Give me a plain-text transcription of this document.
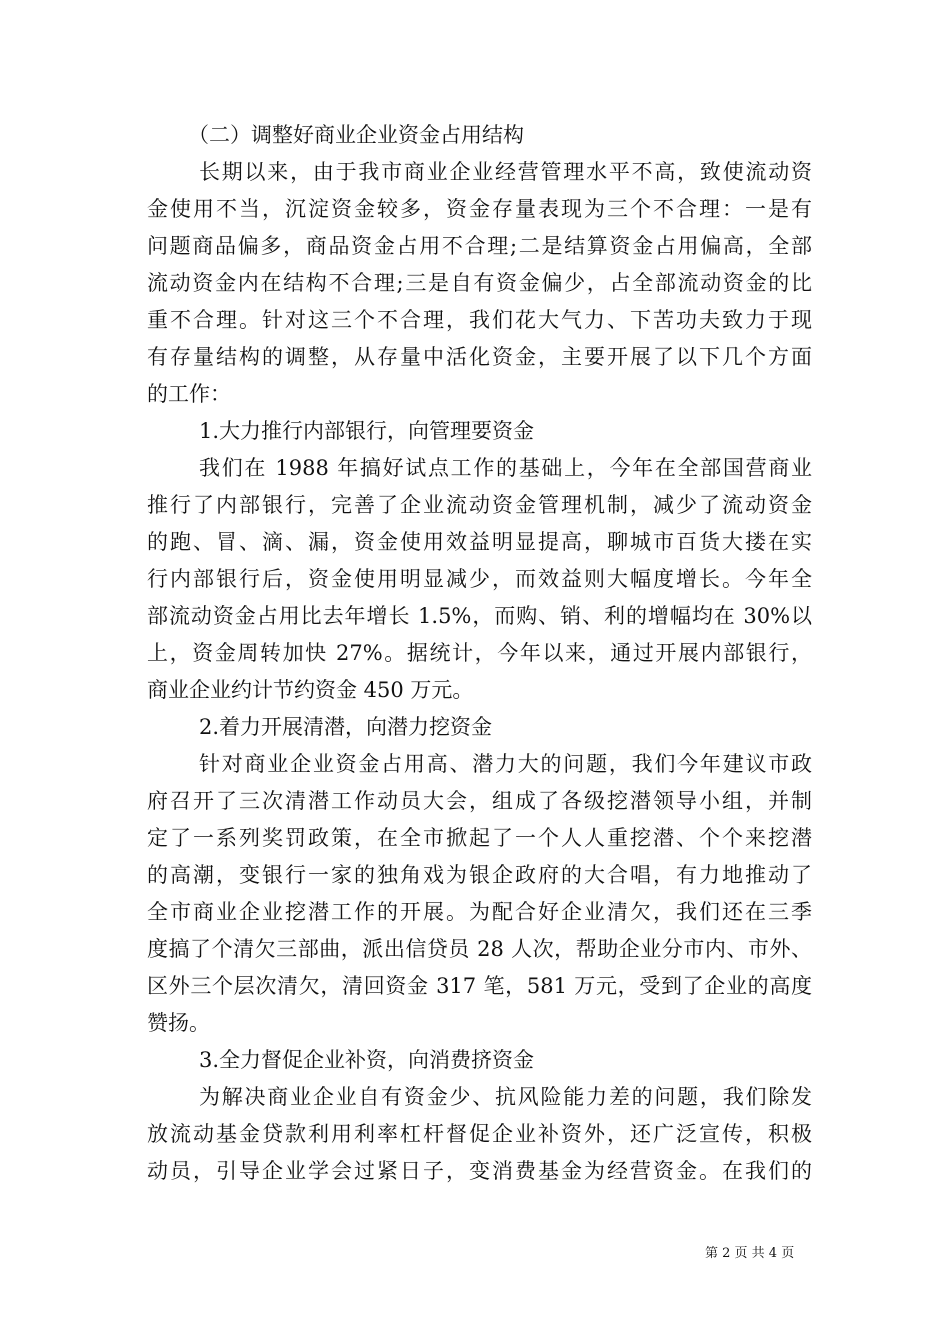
（二）调整好商业企业资金占用结构
长期以来，由于我市商业企业经营管理水平不高，致使流动资
金使用不当，沉淀资金较多，资金存量表现为三个不合理：一是有
问题商品偏多，商品资金占用不合理;二是结算资金占用偏高，全部
流动资金内在结构不合理;三是自有资金偏少，占全部流动资金的比
重不合理。针对这三个不合理，我们花大气力、下苦功夫致力于现
有存量结构的调整，从存量中活化资金，主要开展了以下几个方面
的工作：
1.大力推行内部银行，向管理要资金
我们在 1988 年搞好试点工作的基础上，今年在全部国营商业
推行了内部银行，完善了企业流动资金管理机制，减少了流动资金
的跑、冒、滴、漏，资金使用效益明显提高，聊城市百货大搂在实
行内部银行后，资金使用明显减少，而效益则大幅度增长。今年全
部流动资金占用比去年增长 1.5%，而购、销、利的增幅均在 30%以
上，资金周转加快 27%。据统计，今年以来，通过开展内部银行，
商业企业约计节约资金 450 万元。
2.着力开展清潜，向潜力挖资金
针对商业企业资金占用高、潜力大的问题，我们今年建议市政
府召开了三次清潜工作动员大会，组成了各级挖潜领导小组，并制
定了一系列奖罚政策，在全市掀起了一个人人重挖潜、个个来挖潜
的高潮，变银行一家的独角戏为银企政府的大合唱，有力地推动了
全市商业企业挖潜工作的开展。为配合好企业清欠，我们还在三季
度搞了个清欠三部曲，派出信贷员 28 人次，帮助企业分市内、市外、
区外三个层次清欠，清回资金 317 笔，581 万元，受到了企业的高度
赞扬。
3.全力督促企业补资，向消费挤资金
为解决商业企业自有资金少、抗风险能力差的问题，我们除发
放流动基金贷款利用利率杠杆督促企业补资外，还广泛宣传，积极
动员，引导企业学会过紧日子，变消费基金为经营资金。在我们的
第 2 页 共 4 页
